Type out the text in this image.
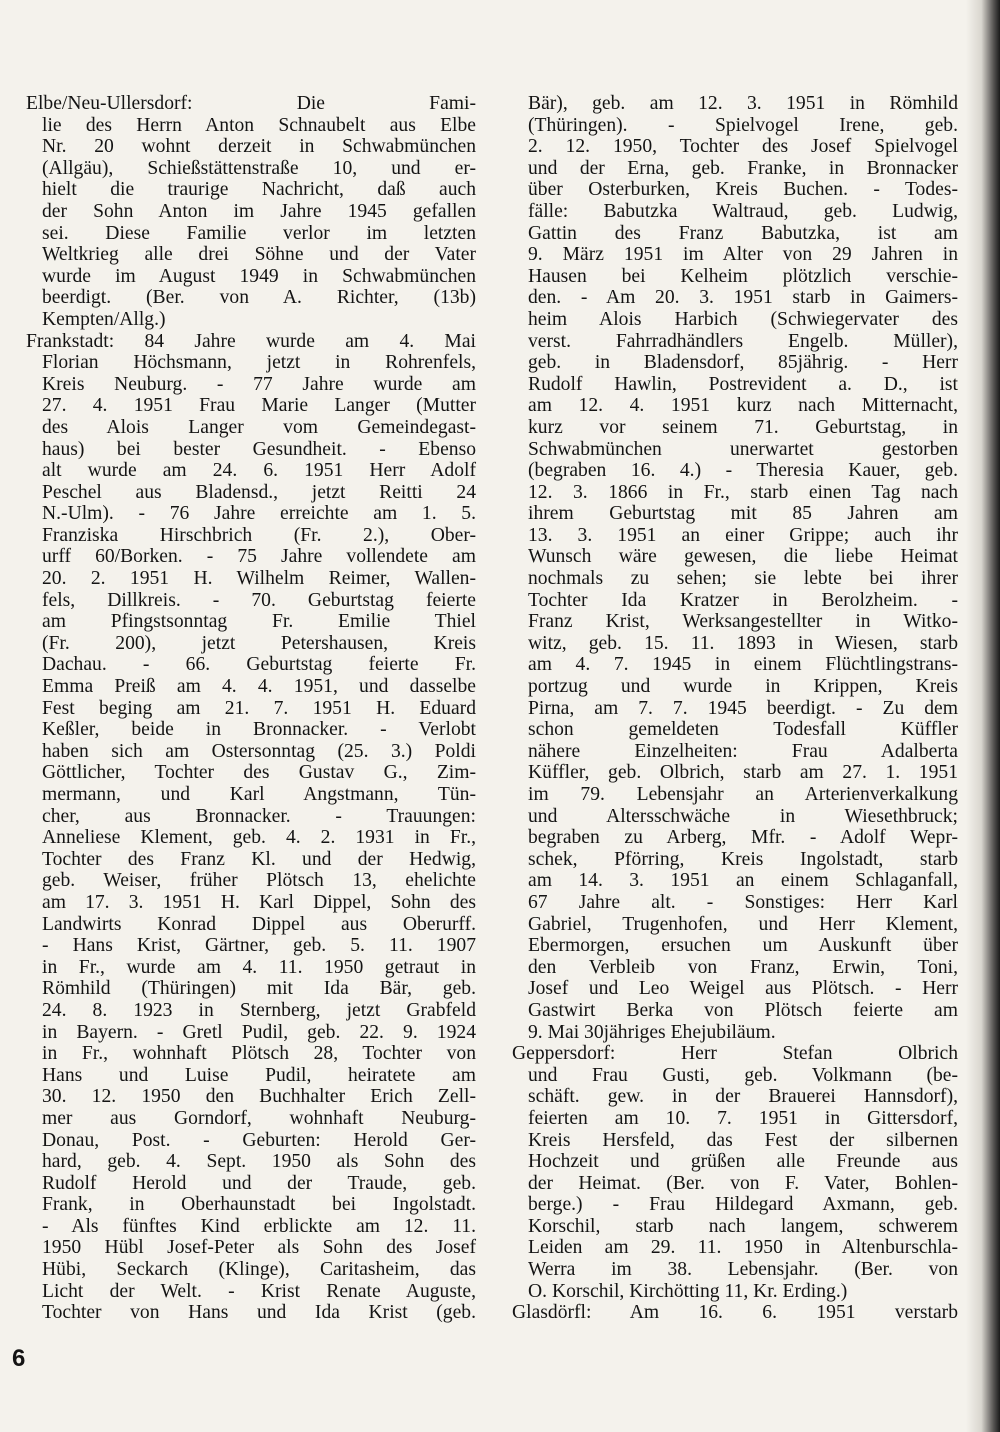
Elbe/Neu-Ullersdorf: Die Fami-
lie des Herrn Anton Schnaubelt aus Elbe
Nr. 20 wohnt derzeit in Schwabmünchen
(Allgäu), Schießstättenstraße 10, und er-
hielt die traurige Nachricht, daß auch
der Sohn Anton im Jahre 1945 gefallen
sei. Diese Familie verlor im letzten
Weltkrieg alle drei Söhne und der Vater
wurde im August 1949 in Schwabmünchen
beerdigt. (Ber. von A. Richter, (13b)
Kempten/Allg.)
Frankstadt: 84 Jahre wurde am 4. Mai
Florian Höchsmann, jetzt in Rohrenfels,
Kreis Neuburg. - 77 Jahre wurde am
27. 4. 1951 Frau Marie Langer (Mutter
des Alois Langer vom Gemeindegast-
haus) bei bester Gesundheit. - Ebenso
alt wurde am 24. 6. 1951 Herr Adolf
Peschel aus Bladensd., jetzt Reitti 24
N.-Ulm). - 76 Jahre erreichte am 1. 5.
Franziska Hirschbrich (Fr. 2.), Ober-
urff 60/Borken. - 75 Jahre vollendete am
20. 2. 1951 H. Wilhelm Reimer, Wallen-
fels, Dillkreis. - 70. Geburtstag feierte
am Pfingstsonntag Fr. Emilie Thiel
(Fr. 200), jetzt Petershausen, Kreis
Dachau. - 66. Geburtstag feierte Fr.
Emma Preiß am 4. 4. 1951, und dasselbe
Fest beging am 21. 7. 1951 H. Eduard
Keßler, beide in Bronnacker. - Verlobt
haben sich am Ostersonntag (25. 3.) Poldi
Göttlicher, Tochter des Gustav G., Zim-
mermann, und Karl Angstmann, Tün-
cher, aus Bronnacker. - Trauungen:
Anneliese Klement, geb. 4. 2. 1931 in Fr.,
Tochter des Franz Kl. und der Hedwig,
geb. Weiser, früher Plötsch 13, ehelichte
am 17. 3. 1951 H. Karl Dippel, Sohn des
Landwirts Konrad Dippel aus Oberurff.
- Hans Krist, Gärtner, geb. 5. 11. 1907
in Fr., wurde am 4. 11. 1950 getraut in
Römhild (Thüringen) mit Ida Bär, geb.
24. 8. 1923 in Sternberg, jetzt Grabfeld
in Bayern. - Gretl Pudil, geb. 22. 9. 1924
in Fr., wohnhaft Plötsch 28, Tochter von
Hans und Luise Pudil, heiratete am
30. 12. 1950 den Buchhalter Erich Zell-
mer aus Gorndorf, wohnhaft Neuburg-
Donau, Post. - Geburten: Herold Ger-
hard, geb. 4. Sept. 1950 als Sohn des
Rudolf Herold und der Traude, geb.
Frank, in Oberhaunstadt bei Ingolstadt.
- Als fünftes Kind erblickte am 12. 11.
1950 Hübl Josef-Peter als Sohn des Josef
Hübi, Seckarch (Klinge), Caritasheim, das
Licht der Welt. - Krist Renate Auguste,
Tochter von Hans und Ida Krist (geb.
Bär), geb. am 12. 3. 1951 in Römhild
(Thüringen). - Spielvogel Irene, geb.
2. 12. 1950, Tochter des Josef Spielvogel
und der Erna, geb. Franke, in Bronnacker
über Osterburken, Kreis Buchen. - Todes-
fälle: Babutzka Waltraud, geb. Ludwig,
Gattin des Franz Babutzka, ist am
9. März 1951 im Alter von 29 Jahren in
Hausen bei Kelheim plötzlich verschie-
den. - Am 20. 3. 1951 starb in Gaimers-
heim Alois Harbich (Schwiegervater des
verst. Fahrradhändlers Engelb. Müller),
geb. in Bladensdorf, 85jährig. - Herr
Rudolf Hawlin, Postrevident a. D., ist
am 12. 4. 1951 kurz nach Mitternacht,
kurz vor seinem 71. Geburtstag, in
Schwabmünchen unerwartet gestorben
(begraben 16. 4.) - Theresia Kauer, geb.
12. 3. 1866 in Fr., starb einen Tag nach
ihrem Geburtstag mit 85 Jahren am
13. 3. 1951 an einer Grippe; auch ihr
Wunsch wäre gewesen, die liebe Heimat
nochmals zu sehen; sie lebte bei ihrer
Tochter Ida Kratzer in Berolzheim. -
Franz Krist, Werksangestellter in Witko-
witz, geb. 15. 11. 1893 in Wiesen, starb
am 4. 7. 1945 in einem Flüchtlingstrans-
portzug und wurde in Krippen, Kreis
Pirna, am 7. 7. 1945 beerdigt. - Zu dem
schon gemeldeten Todesfall Küffler
nähere Einzelheiten: Frau Adalberta
Küffler, geb. Olbrich, starb am 27. 1. 1951
im 79. Lebensjahr an Arterienverkalkung
und Altersschwäche in Wiesethbruck;
begraben zu Arberg, Mfr. - Adolf Wepr-
schek, Pförring, Kreis Ingolstadt, starb
am 14. 3. 1951 an einem Schlaganfall,
67 Jahre alt. - Sonstiges: Herr Karl
Gabriel, Trugenhofen, und Herr Klement,
Ebermorgen, ersuchen um Auskunft über
den Verbleib von Franz, Erwin, Toni,
Josef und Leo Weigel aus Plötsch. - Herr
Gastwirt Berka von Plötsch feierte am
9. Mai 30jähriges Ehejubiläum.
Geppersdorf: Herr Stefan Olbrich
und Frau Gusti, geb. Volkmann (be-
schäft. gew. in der Brauerei Hannsdorf),
feierten am 10. 7. 1951 in Gittersdorf,
Kreis Hersfeld, das Fest der silbernen
Hochzeit und grüßen alle Freunde aus
der Heimat. (Ber. von F. Vater, Bohlen-
berge.) - Frau Hildegard Axmann, geb.
Korschil, starb nach langem, schwerem
Leiden am 29. 11. 1950 in Altenburschla-
Werra im 38. Lebensjahr. (Ber. von
O. Korschil, Kirchötting 11, Kr. Erding.)
Glasdörfl: Am 16. 6. 1951 verstarb
6
